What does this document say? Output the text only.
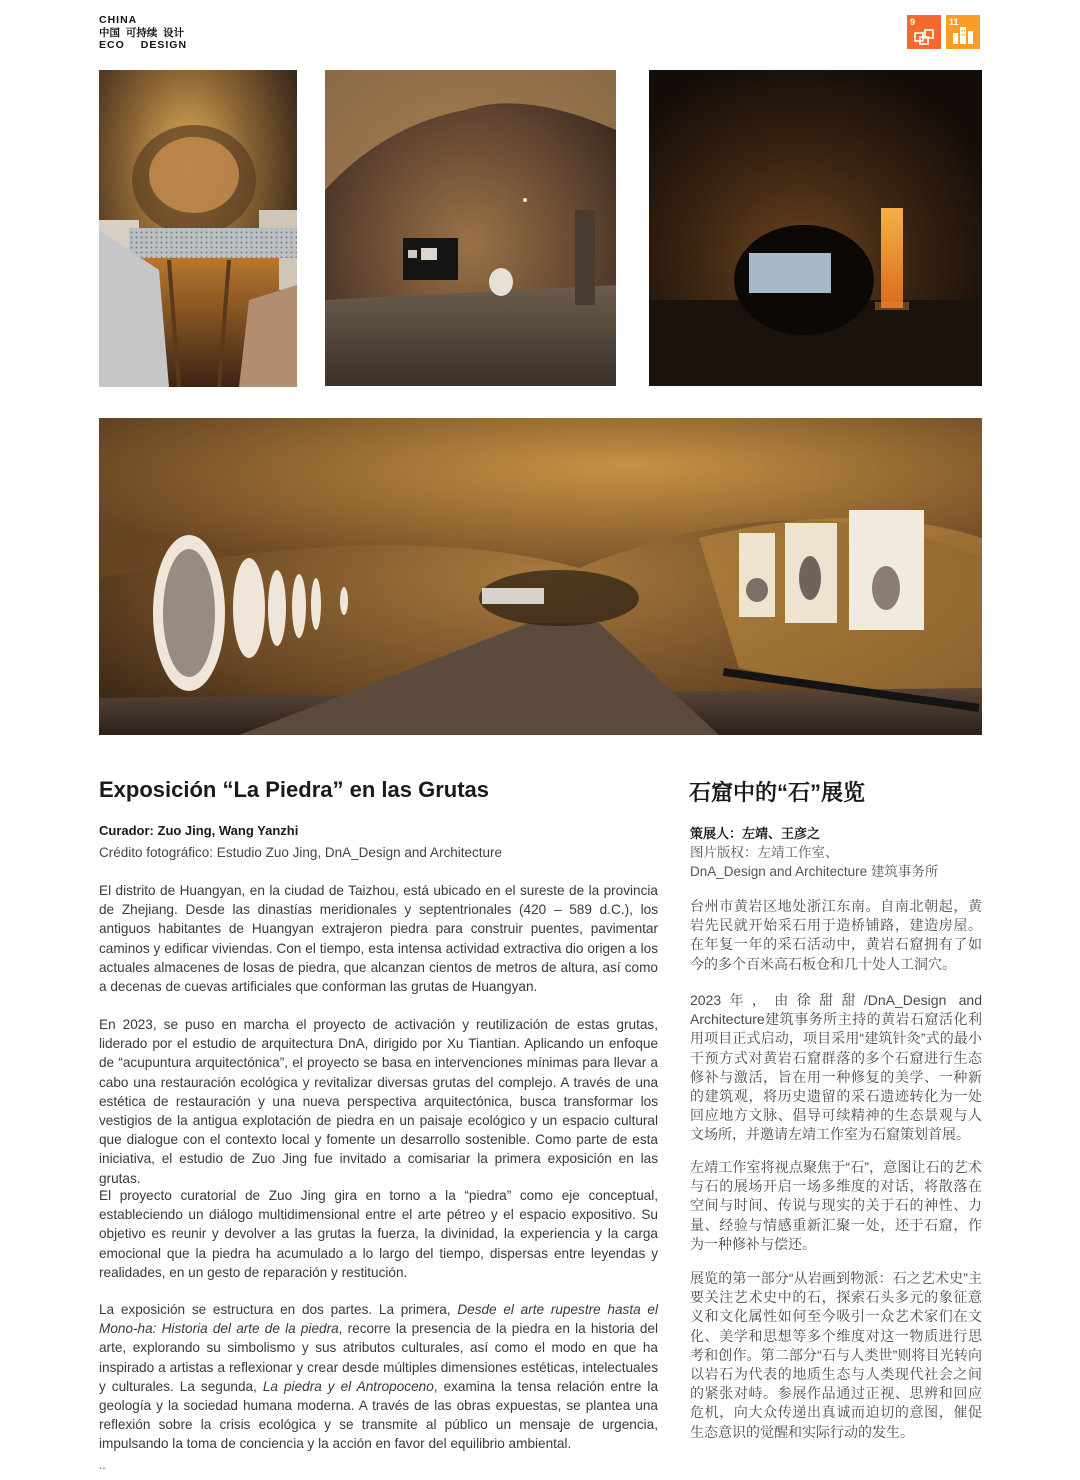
CHINA
中国  可持续  设计
ECO DESIGN
9	11
Exposición “La Piedra” en las Grutas
Curador: Zuo Jing, Wang Yanzhi
Crédito fotográfico: Estudio Zuo Jing, DnA_Design and Architecture
El distrito de Huangyan, en la ciudad de Taizhou, está ubicado en el sureste de la provincia de Zhejiang. Desde las dinastías meridionales y septentrionales (420 – 589 d.C.), los antiguos habitantes de Huangyan extrajeron piedra para construir puentes, pavimentar caminos y edificar viviendas. Con el tiempo, esta intensa actividad extractiva dio origen a los actuales almacenes de losas de piedra, que alcanzan cientos de metros de altura, así como a decenas de cuevas artificiales que conforman las grutas de Huangyan.
En 2023, se puso en marcha el proyecto de activación y reutilización de estas grutas, liderado por el estudio de arquitectura DnA, dirigido por Xu Tiantian. Aplicando un enfoque de “acupuntura arquitectónica”, el proyecto se basa en intervenciones mínimas para llevar a cabo una restauración ecológica y revitalizar diversas grutas del complejo. A través de una estética de restauración y una nueva perspectiva arquitectónica, busca transformar los vestigios de la antigua explotación de piedra en un paisaje ecológico y un espacio cultural que dialogue con el contexto local y fomente un desarrollo sostenible. Como parte de esta iniciativa, el estudio de Zuo Jing fue invitado a comisariar la primera exposición en las grutas.
El proyecto curatorial de Zuo Jing gira en torno a la “piedra” como eje conceptual, estableciendo un diálogo multidimensional entre el arte pétreo y el espacio expositivo. Su objetivo es reunir y devolver a las grutas la fuerza, la divinidad, la experiencia y la carga emocional que la piedra ha acumulado a lo largo del tiempo, dispersas entre leyendas y realidades, en un gesto de reparación y restitución.
La exposición se estructura en dos partes. La primera, Desde el arte rupestre hasta el Mono-ha: Historia del arte de la piedra, recorre la presencia de la piedra en la historia del arte, explorando su simbolismo y sus atributos culturales, así como el modo en que ha inspirado a artistas a reflexionar y crear desde múltiples dimensiones estéticas, intelectuales y culturales. La segunda, La piedra y el Antropoceno, examina la tensa relación entre la geología y la sociedad humana moderna. A través de las obras expuestas, se plantea una reflexión sobre la crisis ecológica y se transmite al público un mensaje de urgencia, impulsando la toma de conciencia y la acción en favor del equilibrio ambiental.
..
石窟中的“石”展览
策展人：左靖、王彦之
图片版权：左靖工作室、
DnA_Design and Architecture 建筑事务所
台州市黄岩区地处浙江东南。自南北朝起，黄岩先民就开始采石用于造桥铺路，建造房屋。在年复一年的采石活动中，黄岩石窟拥有了如今的多个百米高石板仓和几十处人工洞穴。
2023年，由徐甜甜/DnA_Design and Architecture建筑事务所主持的黄岩石窟活化利用项目正式启动，项目采用“建筑针灸”式的最小干预方式对黄岩石窟群落的多个石窟进行生态修补与激活，旨在用一种修复的美学、一种新的建筑观，将历史遗留的采石遗迹转化为一处回应地方文脉、倡导可续精神的生态景观与人文场所，并邀请左靖工作室为石窟策划首展。
左靖工作室将视点聚焦于“石”，意图让石的艺术与石的展场开启一场多维度的对话，将散落在空间与时间、传说与现实的关于石的神性、力量、经验与情感重新汇聚一处，还于石窟，作为一种修补与偿还。
展览的第一部分“从岩画到物派：石之艺术史”主要关注艺术史中的石，探索石头多元的象征意义和文化属性如何至今吸引一众艺术家们在文化、美学和思想等多个维度对这一物质进行思考和创作。第二部分“石与人类世”则将目光转向以岩石为代表的地质生态与人类现代社会之间的紧张对峙。参展作品通过正视、思辨和回应危机，向大众传递出真诚而迫切的意图，催促生态意识的觉醒和实际行动的发生。
